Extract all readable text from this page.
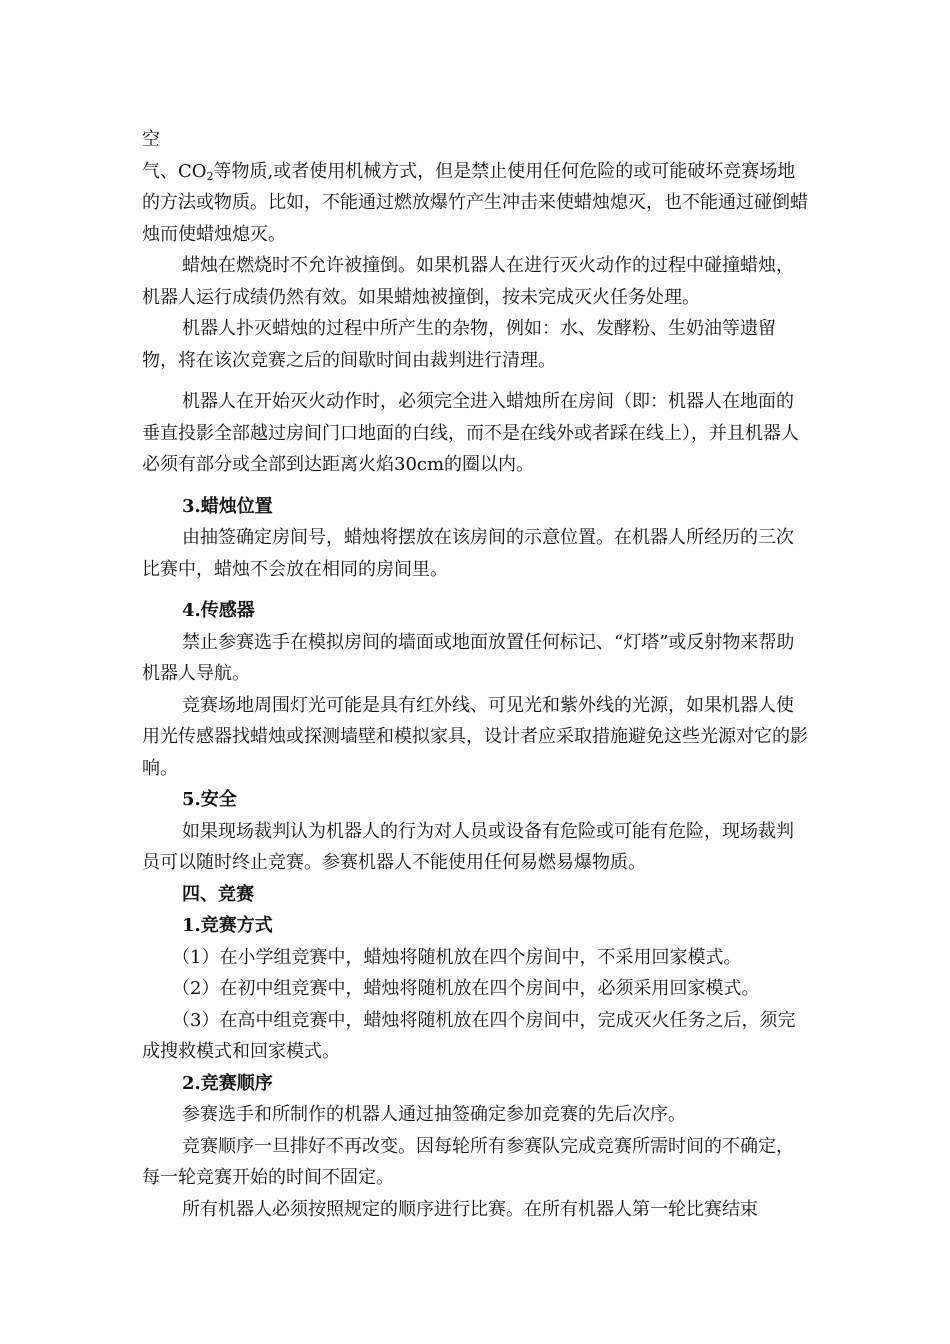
空

气、$CO_2$等物质,或者使用机械方式，但是禁止使用任何危险的或可能破坏竞赛场地的方法或物质。比如，不能通过燃放爆竹产生冲击来使蜡烛熄灭，也不能通过碰倒蜡烛而使蜡烛熄灭。

蜡烛在燃烧时不允许被撞倒。如果机器人在进行灭火动作的过程中碰撞蜡烛，机器人运行成绩仍然有效。如果蜡烛被撞倒，按未完成灭火任务处理。

机器人扑灭蜡烛的过程中所产生的杂物，例如：水、发酵粉、生奶油等遗留物，将在该次竞赛之后的间歇时间由裁判进行清理。

机器人在开始灭火动作时，必须完全进入蜡烛所在房间（即：机器人在地面的垂直投影全部越过房间门口地面的白线，而不是在线外或者踩在线上），并且机器人必须有部分或全部到达距离火焰30cm的圈以内。

3.蜡烛位置

由抽签确定房间号，蜡烛将摆放在该房间的示意位置。在机器人所经历的三次比赛中，蜡烛不会放在相同的房间里。

4.传感器

禁止参赛选手在模拟房间的墙面或地面放置任何标记、“灯塔”或反射物来帮助机器人导航。

竞赛场地周围灯光可能是具有红外线、可见光和紫外线的光源，如果机器人使用光传感器找蜡烛或探测墙壁和模拟家具，设计者应采取措施避免这些光源对它的影响。

5.安全

如果现场裁判认为机器人的行为对人员或设备有危险或可能有危险，现场裁判员可以随时终止竞赛。参赛机器人不能使用任何易燃易爆物质。

四、竞赛

1.竞赛方式

（1）在小学组竞赛中，蜡烛将随机放在四个房间中，不采用回家模式。

（2）在初中组竞赛中，蜡烛将随机放在四个房间中，必须采用回家模式。

（3）在高中组竞赛中，蜡烛将随机放在四个房间中，完成灭火任务之后，须完成搜救模式和回家模式。

2.竞赛顺序

参赛选手和所制作的机器人通过抽签确定参加竞赛的先后次序。

竞赛顺序一旦排好不再改变。因每轮所有参赛队完成竞赛所需时间的不确定，每一轮竞赛开始的时间不固定。

所有机器人必须按照规定的顺序进行比赛。在所有机器人第一轮比赛结束
